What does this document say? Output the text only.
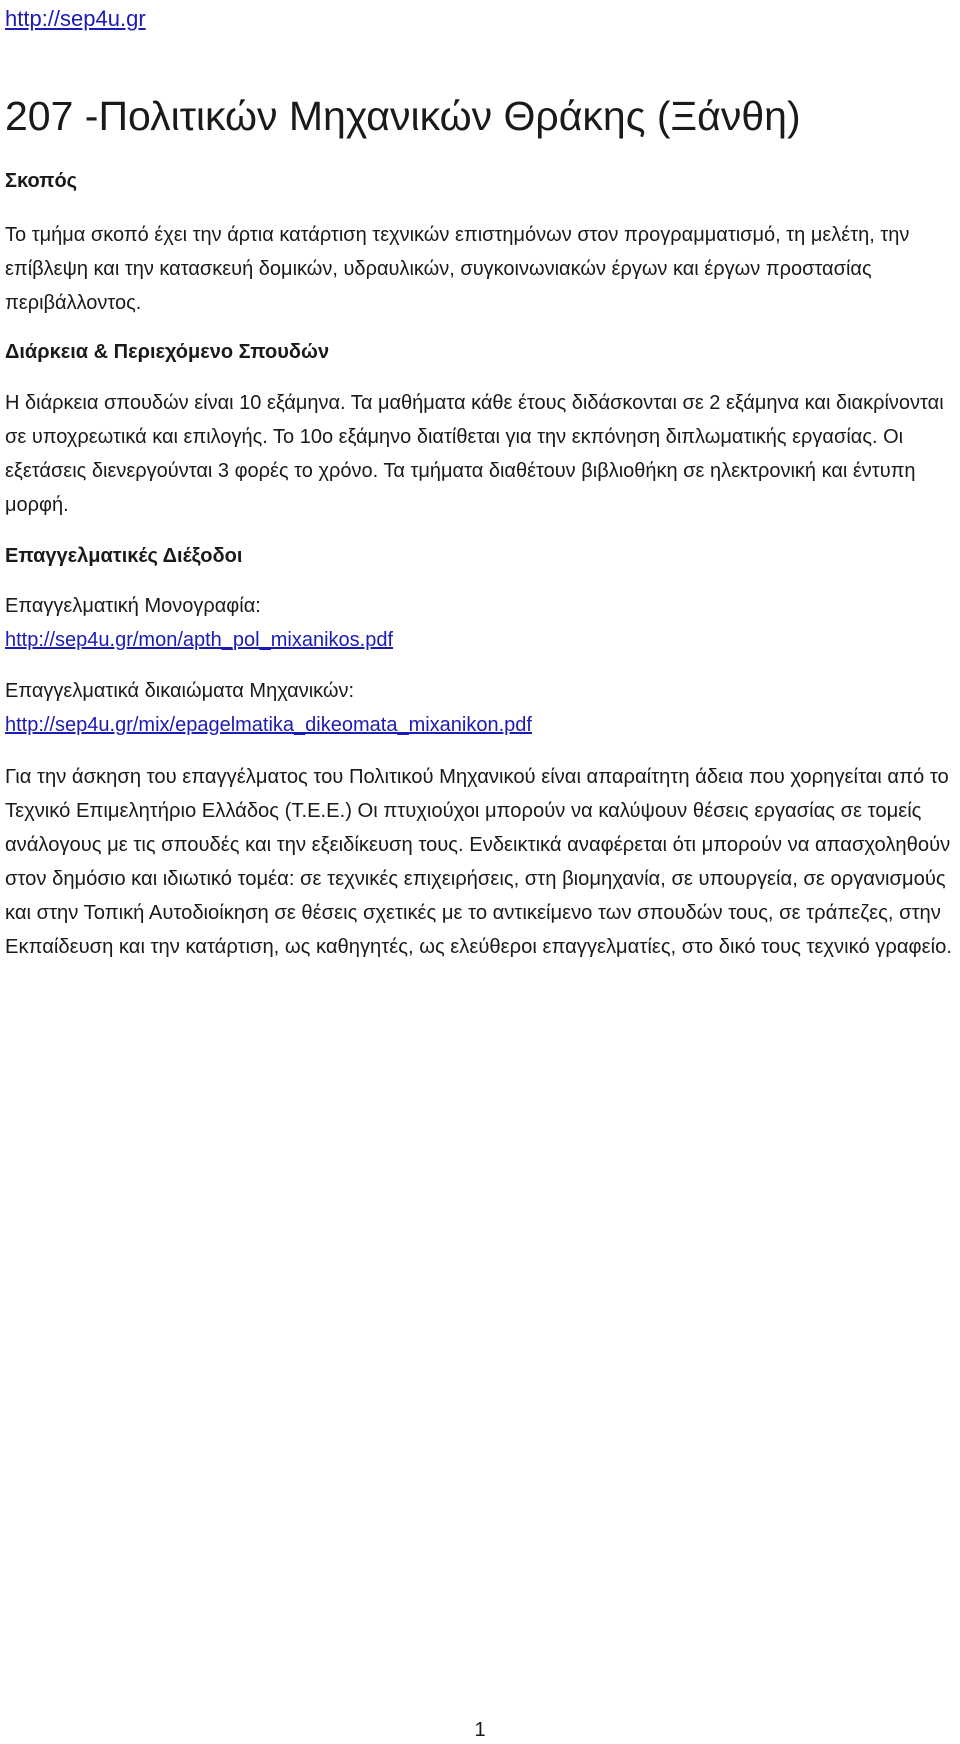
http://sep4u.gr
207 -Πολιτικών Μηχανικών Θράκης (Ξάνθη)
Σκοπός

Το τμήμα σκοπό έχει την άρτια κατάρτιση τεχνικών επιστημόνων στον προγραμματισμό, τη μελέτη, την επίβλεψη και την κατασκευή δομικών, υδραυλικών, συγκοινωνιακών έργων και έργων προστασίας περιβάλλοντος.

Διάρκεια & Περιεχόμενο Σπουδών

Η διάρκεια σπουδών είναι 10 εξάμηνα. Τα μαθήματα κάθε έτους διδάσκονται σε 2 εξάμηνα και διακρίνονται σε υποχρεωτικά και επιλογής. Το 10ο εξάμηνο διατίθεται για την εκπόνηση διπλωματικής εργασίας. Οι εξετάσεις διενεργούνται 3 φορές το χρόνο. Τα τμήματα διαθέτουν βιβλιοθήκη σε ηλεκτρονική και έντυπη μορφή.

Επαγγελματικές Διέξοδοι
Επαγγελματική Μονογραφία:
http://sep4u.gr/mon/apth_pol_mixanikos.pdf
Επαγγελματικά δικαιώματα Μηχανικών:
http://sep4u.gr/mix/epagelmatika_dikeomata_mixanikon.pdf

Για την άσκηση του επαγγέλματος του Πολιτικού Μηχανικού είναι απαραίτητη άδεια που χορηγείται από το Τεχνικό Επιμελητήριο Ελλάδος (Τ.Ε.Ε.) Οι πτυχιούχοι μπορούν να καλύψουν θέσεις εργασίας σε τομείς ανάλογους με τις σπουδές και την εξειδίκευση τους. Ενδεικτικά αναφέρεται ότι μπορούν να απασχοληθούν στον δημόσιο και ιδιωτικό τομέα: σε τεχνικές επιχειρήσεις, στη βιομηχανία, σε υπουργεία, σε οργανισμούς και στην Τοπική Αυτοδιοίκηση σε θέσεις σχετικές με το αντικείμενο των σπουδών τους, σε τράπεζες, στην Εκπαίδευση και την κατάρτιση, ως καθηγητές, ως ελεύθεροι επαγγελματίες, στο δικό τους τεχνικό γραφείο.

1
